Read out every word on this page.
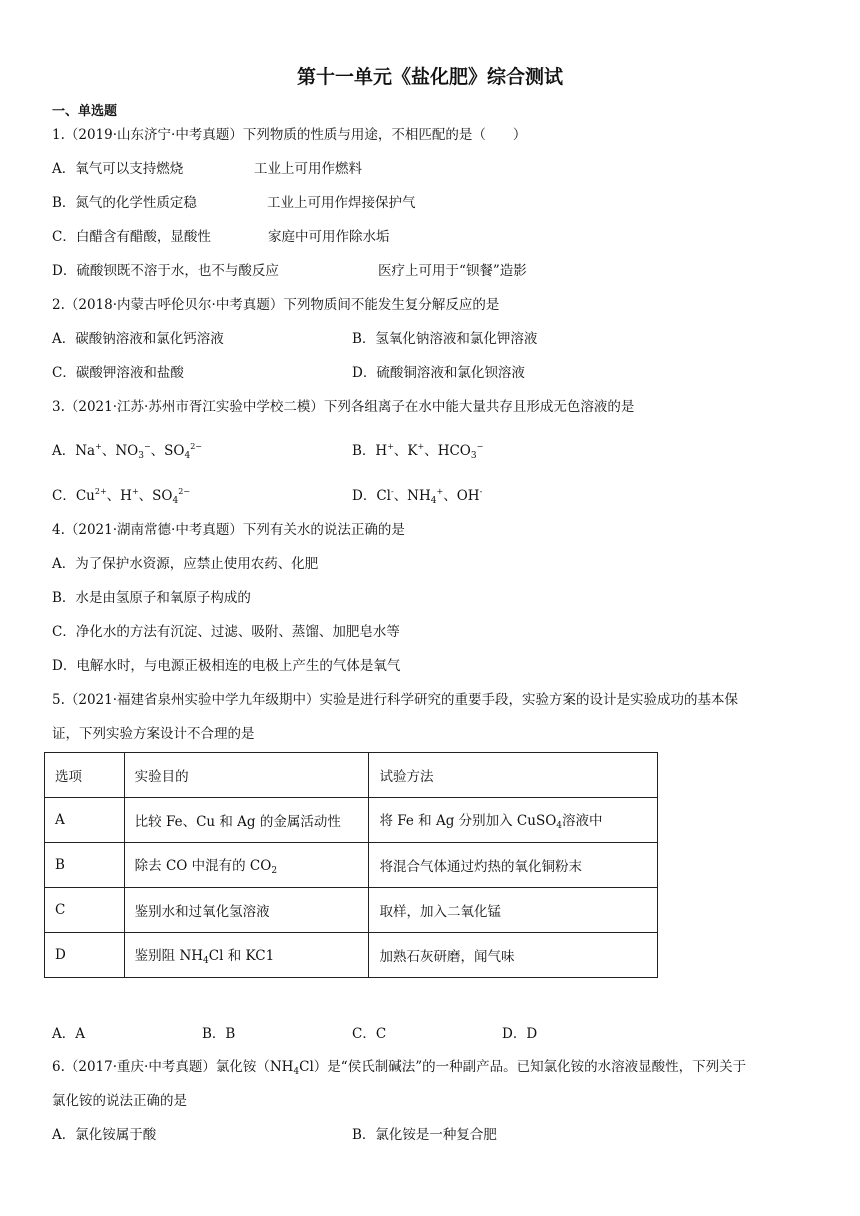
第十一单元《盐化肥》综合测试
一、单选题
1.（2019·山东济宁·中考真题）下列物质的性质与用途，不相匹配的是（　　）
A．氧气可以支持燃烧	工业上可用作燃料
B．氮气的化学性质定稳	工业上可用作焊接保护气
C．白醋含有醋酸，显酸性	家庭中可用作除水垢
D．硫酸钡既不溶于水，也不与酸反应	医疗上可用于“钡餐”造影
2.（2018·内蒙古呼伦贝尔·中考真题）下列物质间不能发生复分解反应的是
A．碳酸钠溶液和氯化钙溶液	B．氢氧化钠溶液和氯化钾溶液
C．碳酸钾溶液和盐酸	D．硫酸铜溶液和氯化钡溶液
3.（2021·江苏·苏州市胥江实验中学校二模）下列各组离子在水中能大量共存且形成无色溶液的是
A．Na+、$NO_3^-$、$SO_4^{2-}$	B．H+、K+、$HCO_3^-$
C．$Cu^{2+}$、H+、$SO_4^{2-}$	D．Cl-、$NH_4^+$、OH-
4.（2021·湖南常德·中考真题）下列有关水的说法正确的是
A．为了保护水资源，应禁止使用农药、化肥
B．水是由氢原子和氧原子构成的
C．净化水的方法有沉淀、过滤、吸附、蒸馏、加肥皂水等
D．电解水时，与电源正极相连的电极上产生的气体是氧气
5.（2021·福建省泉州实验中学九年级期中）实验是进行科学研究的重要手段，实验方案的设计是实验成功的基本保
证，下列实验方案设计不合理的是
选项	实验目的	试验方法
A	比较 Fe、Cu 和 Ag 的金属活动性	将 Fe 和 Ag 分别加入 CuSO$_4$溶液中
B	除去 CO 中混有的 $CO_2$	将混合气体通过灼热的氧化铜粉末
C	鉴别水和过氧化氢溶液	取样，加入二氧化锰
D	鉴别阻 $NH_4Cl$ 和 KC1	加熟石灰研磨，闻气味
A．A	B．B	C．C	D．D
6.（2017·重庆·中考真题）氯化铵$(NH_4Cl)$是“侯氏制碱法”的一种副产品。已知氯化铵的水溶液显酸性，下列关于
氯化铵的说法正确的是
A．氯化铵属于酸	B．氯化铵是一种复合肥
